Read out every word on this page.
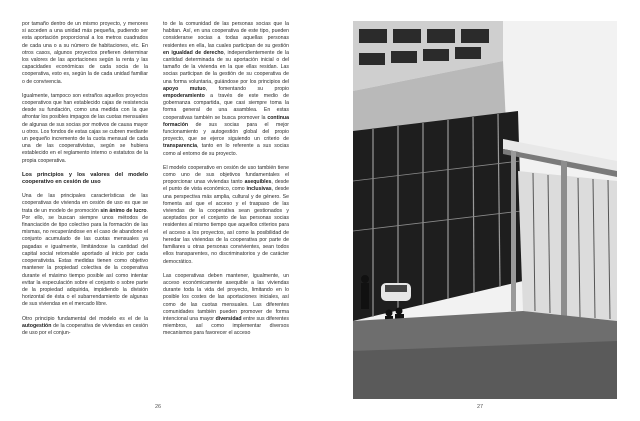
por tamaño dentro de un mismo proyecto, y menores si acceden a una unidad más pequeña, pudiendo ser esta aportación proporcional a los metros cuadrados de cada una o a su número de habitaciones, etc. En otros casos, algunos proyectos prefieren determinar los valores de las aportaciones según la renta y las capacidades económicas de cada socia de la cooperativa, esto es, según la de cada unidad familiar o de convivencia.

Igualmente, tampoco son extraños aquellos proyectos cooperativos que han establecido cajas de resistencia desde su fundación, como una medida con la que afrontar los posibles impagos de las cuotas mensuales de algunas de sus socias por motivos de causa mayor u otros. Los fondos de estas cajas se cubren mediante un pequeño incremento de la cuota mensual de cada una de las cooperativistas, según se hubiera establecido en el reglamento interno o estatutos de la propia cooperativa.

Los principios y los valores del modelo cooperativo en cesión de uso

Una de las principales características de las cooperativas de vivienda en cesión de uso es que se trata de un modelo de promoción sin ánimo de lucro. Por ello, se buscan siempre unos métodos de financiación de tipo colectivo para la formación de las mismas, no recuperándose en el caso de abandono el conjunto acumulado de las cuotas mensuales ya pagadas e igualmente, limitándose la cantidad del capital social retornable aportado al inicio por cada cooperativista. Estas medidas tienen como objetivo mantener la propiedad colectiva de la cooperativa durante el máximo tiempo posible así como intentar evitar la especulación sobre el conjunto o sobre parte de la propiedad adquirida, impidiendo la división horizontal de ésta o el subarrendamiento de algunas de sus viviendas en el mercado libre.

Otro principio fundamental del modelo es el de la autogestión de la cooperativa de viviendas en cesión de uso por el conjun-

to de la comunidad de las personas socias que la habitan. Así, en una cooperativa de este tipo, pueden considerarse socias a todas aquellas personas residentes en ella, las cuales participan de su gestión en igualdad de derecho, independientemente de la cantidad determinada de su aportación inicial o del tamaño de la vivienda en la que ellas residan. Las socias participan de la gestión de su cooperativa de una forma voluntaria, guiándose por los principios del apoyo mutuo, fomentando su propio empoderamiento a través de este medio de gobernanza compartida, que casi siempre toma la forma general de una asamblea. En estas cooperativas también se busca promover la continua formación de sus socias para el mejor funcionamiento y autogestión global del propio proyecto, que se ejerce siguiendo un criterio de transparencia, tanto en lo referente a sus socias como al entorno de su proyecto.

El modelo cooperativo en cesión de uso también tiene como uno de sus objetivos fundamentales el proporcionar unas viviendas tanto asequibles, desde el punto de vista económico, como inclusivas, desde una perspectiva más amplia, cultural y de género. Se fomenta así que el acceso y el traspaso de las viviendas de la cooperativa sean gestionados y aceptados por el conjunto de las personas socias residentes al mismo tiempo que aquellos criterios para el acceso a los proyectos, así como la posibilidad de heredar las viviendas de la cooperativa por parte de familiares u otras personas convivientes, sean todos ellos transparentes, no discriminatorios y de carácter democrático.

Las cooperativas deben mantener, igualmente, un acceso económicamente asequible a las viviendas durante toda la vida del proyecto, limitando en lo posible los costes de las aportaciones iniciales, así como de las cuotas mensuales. Las diferentes comunidades también pueden promover de forma intencional una mayor diversidad entre sus diferentes miembros, así como implementar diversos mecanismos para favorecer el acceso

26	27
